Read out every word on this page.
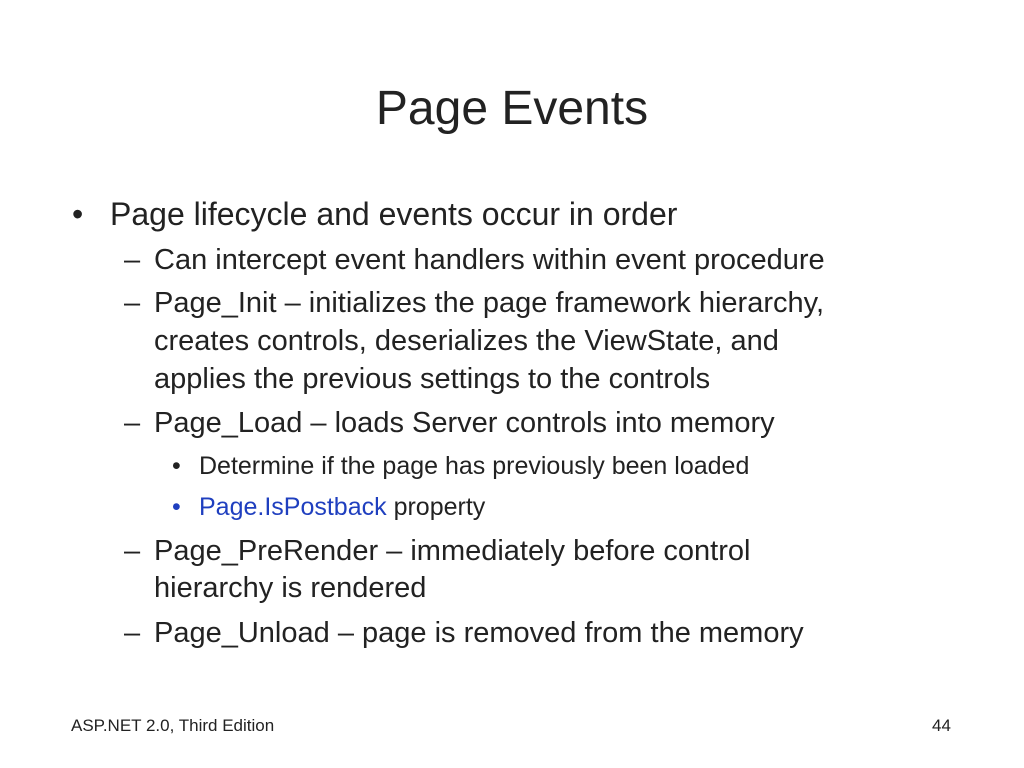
Page Events
• Page lifecycle and events occur in order
– Can intercept event handlers within event procedure
– Page_Init – initializes the page framework hierarchy,
creates controls, deserializes the ViewState, and
applies the previous settings to the controls
– Page_Load – loads Server controls into memory
• Determine if the page has previously been loaded
• Page.IsPostback property
– Page_PreRender – immediately before control
hierarchy is rendered
– Page_Unload – page is removed from the memory
ASP.NET 2.0, Third Edition	44
